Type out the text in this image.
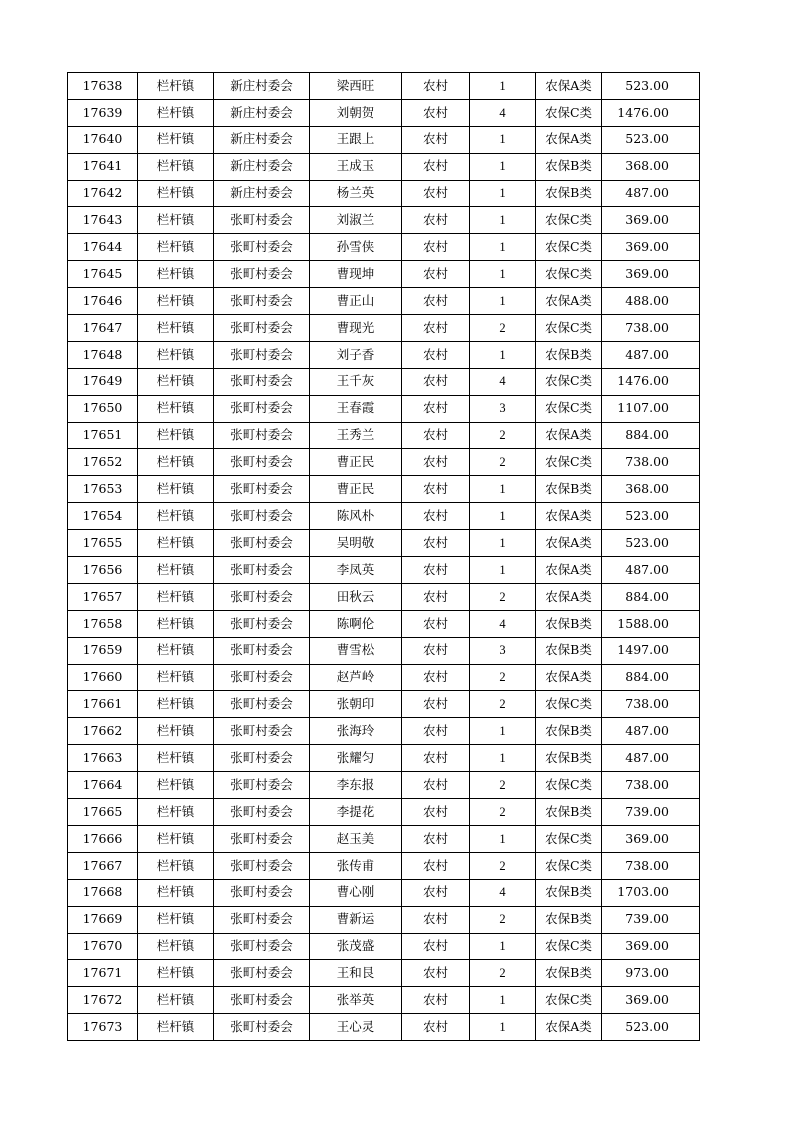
17638	栏杆镇	新庄村委会	梁西旺	农村	1	农保A类	523.00
17639	栏杆镇	新庄村委会	刘朝贺	农村	4	农保C类	1476.00
17640	栏杆镇	新庄村委会	王跟上	农村	1	农保A类	523.00
17641	栏杆镇	新庄村委会	王成玉	农村	1	农保B类	368.00
17642	栏杆镇	新庄村委会	杨兰英	农村	1	农保B类	487.00
17643	栏杆镇	张町村委会	刘淑兰	农村	1	农保C类	369.00
17644	栏杆镇	张町村委会	孙雪侠	农村	1	农保C类	369.00
17645	栏杆镇	张町村委会	曹现坤	农村	1	农保C类	369.00
17646	栏杆镇	张町村委会	曹正山	农村	1	农保A类	488.00
17647	栏杆镇	张町村委会	曹现光	农村	2	农保C类	738.00
17648	栏杆镇	张町村委会	刘子香	农村	1	农保B类	487.00
17649	栏杆镇	张町村委会	王千灰	农村	4	农保C类	1476.00
17650	栏杆镇	张町村委会	王春霞	农村	3	农保C类	1107.00
17651	栏杆镇	张町村委会	王秀兰	农村	2	农保A类	884.00
17652	栏杆镇	张町村委会	曹正民	农村	2	农保C类	738.00
17653	栏杆镇	张町村委会	曹正民	农村	1	农保B类	368.00
17654	栏杆镇	张町村委会	陈风朴	农村	1	农保A类	523.00
17655	栏杆镇	张町村委会	吴明敬	农村	1	农保A类	523.00
17656	栏杆镇	张町村委会	李凤英	农村	1	农保A类	487.00
17657	栏杆镇	张町村委会	田秋云	农村	2	农保A类	884.00
17658	栏杆镇	张町村委会	陈啊伦	农村	4	农保B类	1588.00
17659	栏杆镇	张町村委会	曹雪松	农村	3	农保B类	1497.00
17660	栏杆镇	张町村委会	赵芦岭	农村	2	农保A类	884.00
17661	栏杆镇	张町村委会	张朝印	农村	2	农保C类	738.00
17662	栏杆镇	张町村委会	张海玲	农村	1	农保B类	487.00
17663	栏杆镇	张町村委会	张耀匀	农村	1	农保B类	487.00
17664	栏杆镇	张町村委会	李东报	农村	2	农保C类	738.00
17665	栏杆镇	张町村委会	李提花	农村	2	农保B类	739.00
17666	栏杆镇	张町村委会	赵玉美	农村	1	农保C类	369.00
17667	栏杆镇	张町村委会	张传甫	农村	2	农保C类	738.00
17668	栏杆镇	张町村委会	曹心刚	农村	4	农保B类	1703.00
17669	栏杆镇	张町村委会	曹新运	农村	2	农保B类	739.00
17670	栏杆镇	张町村委会	张茂盛	农村	1	农保C类	369.00
17671	栏杆镇	张町村委会	王和艮	农村	2	农保B类	973.00
17672	栏杆镇	张町村委会	张举英	农村	1	农保C类	369.00
17673	栏杆镇	张町村委会	王心灵	农村	1	农保A类	523.00
